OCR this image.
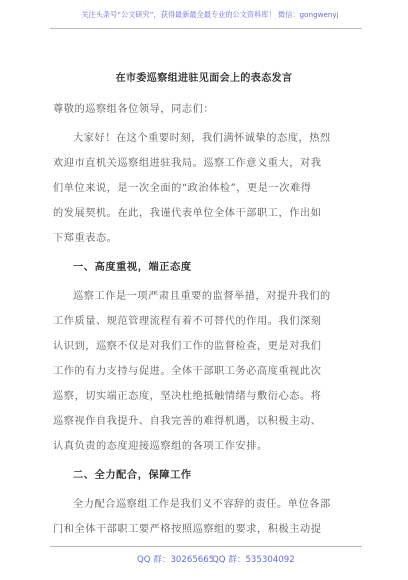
关注头条号“公文研究”，获得最新最全最专业的公文资料库！ 微信：gongwenyj
在市委巡察组进驻见面会上的表态发言
尊敬的巡察组各位领导，同志们：
大家好！在这个重要时刻，我们满怀诚挚的态度，热烈
欢迎市直机关巡察组进驻我局。巡察工作意义重大，对我
们单位来说，是一次全面的“政治体检”，更是一次难得
的发展契机。在此，我谨代表单位全体干部职工，作出如
下郑重表态。
一、高度重视，端正态度
巡察工作是一项严肃且重要的监督举措，对提升我们的
工作质量、规范管理流程有着不可替代的作用。我们深刻
认识到，巡察不仅是对我们工作的监督检查，更是对我们
工作的有力支持与促进。全体干部职工务必高度重视此次
巡察，切实端正态度，坚决杜绝抵触情绪与敷衍心态。将
巡察视作自我提升、自我完善的难得机遇，以积极主动、
认真负责的态度迎接巡察组的各项工作安排。
二、全力配合，保障工作
全力配合巡察组工作是我们义不容辞的责任。单位各部
门和全体干部职工要严格按照巡察组的要求，积极主动提
QQ 群：30265665
QQ 群：535304092
